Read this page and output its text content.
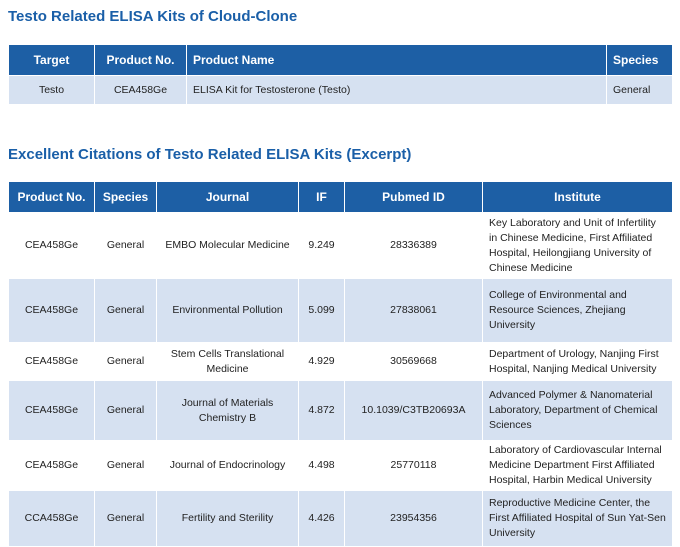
Testo Related ELISA Kits of Cloud-Clone
Target	Product No.	Product Name	Species
Testo	CEA458Ge	ELISA Kit for Testosterone (Testo)	General
Excellent Citations of Testo Related ELISA Kits (Excerpt)
Product No.	Species	Journal	IF	Pubmed ID	Institute
CEA458Ge	General	EMBO Molecular Medicine	9.249	28336389	Key Laboratory and Unit of Infertility in Chinese Medicine, First Affiliated Hospital, Heilongjiang University of Chinese Medicine
CEA458Ge	General	Environmental Pollution	5.099	27838061	College of Environmental and Resource Sciences, Zhejiang University
CEA458Ge	General	Stem Cells Translational Medicine	4.929	30569668	Department of Urology, Nanjing First Hospital, Nanjing Medical University
CEA458Ge	General	Journal of Materials Chemistry B	4.872	10.1039/C3TB20693A	Advanced Polymer & Nanomaterial Laboratory, Department of Chemical Sciences
CEA458Ge	General	Journal of Endocrinology	4.498	25770118	Laboratory of Cardiovascular Internal Medicine Department First Affiliated Hospital, Harbin Medical University
CCA458Ge	General	Fertility and Sterility	4.426	23954356	Reproductive Medicine Center, the First Affiliated Hospital of Sun Yat-Sen University
